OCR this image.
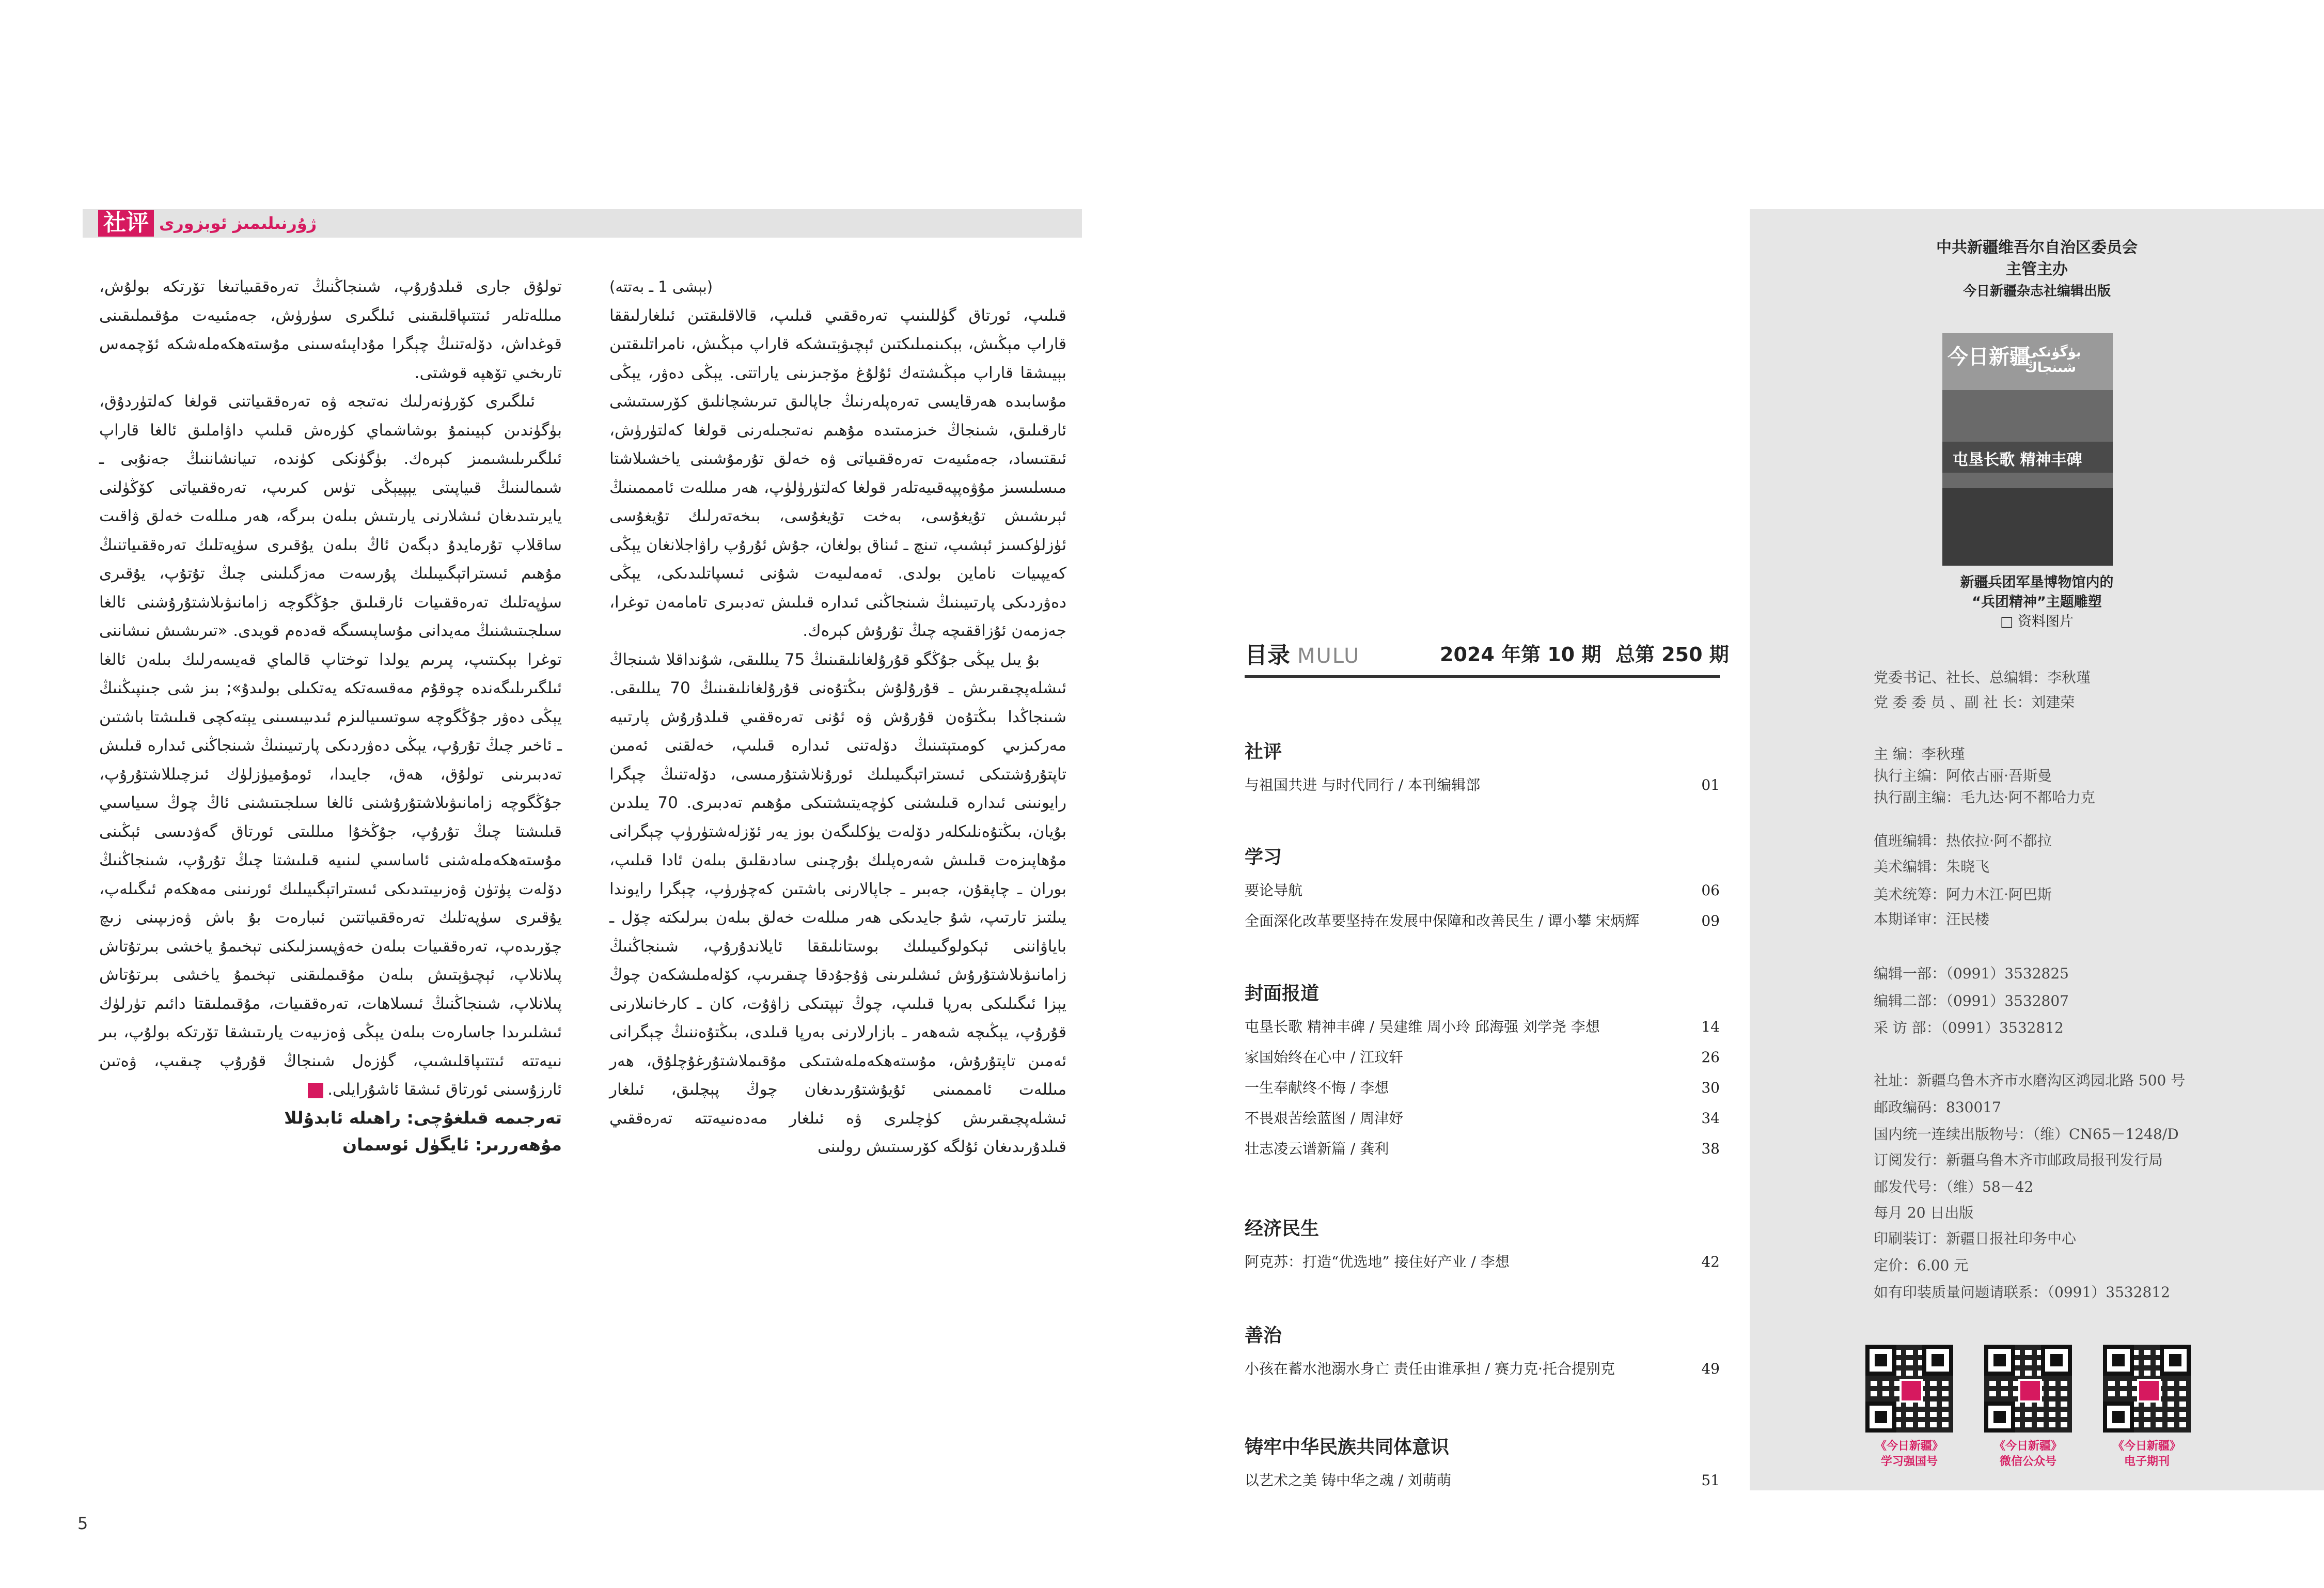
社评 ژۇرنىلىمىز ئوبزورى

(بېشى 1 ـ بەتتە)

قىلىپ، ئورتاق گۈللىنىپ تەرەققىي قىلىپ، قالاقلىقتىن ئىلغارلىققا قاراپ مېڭىش، بېكىنمىلىكتىن ئېچىۋېتىشكە قاراپ مېڭىش، نامراتلىقتىن بېيىشقا قاراپ مېڭىشتەك ئۇلۇغ مۆجىزىنى ياراتتى. يېڭى دەۋر، يېڭى مۇسابىدە ھەرقايسى تەرەپلەرنىڭ جاپالىق تىرىشچانلىق كۆرسىتىشى ئارقىلىق، شىنجاڭ خىزمىتىدە مۇھىم نەتىجىلەرنى قولغا كەلتۈرۈش، ئىقتىساد، جەمئىيەت تەرەققىياتى ۋە خەلق تۇرمۇشىنى ياخشىلاشتا مىسلىسىز مۇۋەپپەقىيەتلەر قولغا كەلتۈرۈلۈپ، ھەر مىللەت ئامممىنىڭ ئېرىشىش تۇيغۇسى، بەخت تۇيغۇسى، بىخەتەرلىك تۇيغۇسى ئۈزلۈكسىز ئېشىپ، تىنچ ـ ئىناق بولغان، جۇش ئۇرۇپ راۋاجلانغان يېڭى كەيپىيات ناماين بولدى. ئەمەلىيەت شۇنى ئىسپاتلىدىكى، يېڭى دەۋردىكى پارتىيىنىڭ شىنجاڭنى ئىدارە قىلىش تەدبىرى تامامەن توغرا، جەزمەن ئۇزاققىچە چىڭ تۇرۇش كېرەك.

بۇ يىل يېڭى جۇڭگو قۇرۇلغانلىقىنىڭ 75 يىللىقى، شۇنداقلا شىنجاڭ ئىشلەپچىقىرىش ـ قۇرۇلۇش بىڭتۇەنى قۇرۇلغانلىقىنىڭ 70 يىللىقى. شىنجاڭدا بىڭتۇەن قۇرۇش ۋە ئۇنى تەرەققىي قىلدۇرۇش پارتىيە مەركىزىي كومىتېتىنىڭ دۆلەتنى ئىدارە قىلىپ، خەلقنى ئەمىن تاپتۇرۇشتىكى ئىستراتېگىيىلىك ئورۇنلاشتۇرمىسى، دۆلەتنىڭ چېگرا رايونىنى ئىدارە قىلىشنى كۈچەيتىشتىكى مۇھىم تەدبىرى. 70 يىلدىن بۇيان، بىڭتۇەنلىكلەر دۆلەت يۈكلىگەن بوز يەر ئۆزلەشتۈرۈپ چېگرانى مۇھاپىزەت قىلىش شەرەپلىك بۇرچىنى سادىقلىق بىلەن ئادا قىلىپ، بوران ـ چاپقۇن، جەبىر ـ جاپالارنى باشتىن كەچۈرۈپ، چېگرا رايوندا يىلتىز تارتىپ، شۇ جايدىكى ھەر مىللەت خەلق بىلەن بىرلىكتە چۆل ـ باياۋاننى ئېكولوگىيىلىك بوستانلىققا ئايلاندۇرۇپ، شىنجاڭنىڭ زامانىۋىلاشتۇرۇش ئىشلىرىنى ۋۇجۇدقا چىقىرىپ، كۆلەملىشكەن چوڭ يېزا ئىگىلىكى بەرپا قىلىپ، چوڭ تېپتىكى زاۋۇت، كان ـ كارخانىلارنى قۇرۇپ، يېڭىچە شەھەر ـ بازارلارنى بەرپا قىلدى، بىڭتۇەننىڭ چېگرانى ئەمىن تاپتۇرۇش، مۇستەھكەملەشتىكى مۇقىملاشتۇرغۇچلۇق، ھەر مىللەت ئامممىنى ئۇيۇشتۇرىدىغان چوڭ پېچلىق، ئىلغار ئىشلەپچىقىرىش كۈچلىرى ۋە ئىلغار مەدەنىيەتتە تەرەققىي قىلدۇرىدىغان ئۇلگە كۆرسىتىش رولىنى

تولۇق جارى قىلدۇرۇپ، شىنجاڭنىڭ تەرەققىياتىغا تۆرتكە بولۇش، مىللەتلەر ئىتتىپاقلىقىنى ئىلگىرى سۈرۈش، جەمئىيەت مۇقىملىقىنى قوغداش، دۆلەتنىڭ چېگرا مۇداپىئەسىنى مۇستەھكەملەشكە ئۆچمەس تارىخىي تۆھپە قوشتى.

ئىلگىرى كۆرۈنەرلىك نەتىجە ۋە تەرەققىياتنى قولغا كەلتۈردۇق، بۈگۈندىن كېيىنمۇ بوشاشماي كۈرەش قىلىپ داۋاملىق ئالغا قاراپ ئىلگىرىلىشىمىز كېرەك. بۈگۈنكى كۈندە، تىيانشاننىڭ جەنۇبى ـ شىمالىنىڭ قىياپىتى يېپيېڭى تۈس كىرىپ، تەرەققىياتى كۆڭۈلنى يايرىتىدىغان ئىشلارنى يارىتىش بىلەن بىرگە، ھەر مىللەت خەلق ۋاقىت ساقلاپ تۇرمايدۇ دېگەن ئاڭ بىلەن يۇقىرى سۈپەتلىك تەرەققىياتنىڭ مۇھىم ئىستراتېگىيىلىك پۇرسەت مەزگىلىنى چىڭ تۇتۇپ، يۇقىرى سۈپەتلىك تەرەققىيات ئارقىلىق جۇڭگوچە زامانىۋىلاشتۇرۇشنى ئالغا سىلجىتىشنىڭ مەيدانى مۇساپىسىگە قەدەم قويدى. «تىرىشىش نىشاننى توغرا بېكىتىپ، پىرىم يولدا توختاپ قالماي قەيسەرلىك بىلەن ئالغا ئىلگىرىلىگەندە چوقۇم مەقسەتكە يەتكىلى بولىدۇ»; بىز شى جىنپىڭنىڭ يېڭى دەۋر جۇڭگوچە سوتسىيالىزم ئىدىيىسىنى يېتەكچى قىلىشتا باشتىن ـ ئاخىر چىڭ تۇرۇپ، يېڭى دەۋردىكى پارتىيىنىڭ شىنجاڭنى ئىدارە قىلىش تەدبىرىنى تولۇق، ھەق، جايىدا، ئومۇميۈزلۈك ئىزچىللاشتۇرۇپ، جۇڭگوچە زامانىۋىلاشتۇرۇشنى ئالغا سىلجىتىشنى ئاڭ چوڭ سىياسىي قىلىشتا چىڭ تۇرۇپ، جۇڭخۇا مىللىتى ئورتاق گەۋدىسى ئېڭىنى مۇستەھكەملەشنى ئاساسىي لىنىيە قىلىشتا چىڭ تۇرۇپ، شىنجاڭنىڭ دۆلەت پۈتۈن ۋەزىيىتىدىكى ئىستراتېگىيىلىك ئورنىنى مەھكەم ئىگىلەپ، يۇقىرى سۈپەتلىك تەرەققىياتتىن ئىبارەت بۇ باش ۋەزىپىنى زىچ چۆرىدەپ، تەرەققىيات بىلەن خەۋپسىزلىكنى تېخىمۇ ياخشى بىرتۇتاش پىلانلاپ، ئېچىۋېتىش بىلەن مۇقىملىقنى تېخىمۇ ياخشى بىرتۇتاش پىلانلاپ، شىنجاڭنىڭ ئىسلاھات، تەرەققىيات، مۇقىملىقتا دائىم تۈرلۈك ئىشلىرىدا جاسارەت بىلەن يېڭى ۋەزىيەت يارىتىشقا تۆرتكە بولۇپ، بىر نىيەتتە ئىتتىپاقلىشىپ، گۈزەل شىنجاڭ قۇرۇپ چىقىپ، ۋەتىن ئارزۇسىنى ئورتاق ئىشقا ئاشۇرايلى.◢

تەرجىمە قىلغۇچى: راھىلە ئابدۇللا
مۇھەررىر: ئايگۈل ئوسمان
5
目录 MULU	2024 年第 10 期 总第 250 期
社评
与祖国共进 与时代同行 / 本刊编辑部	01
学习
要论导航	06
全面深化改革要坚持在发展中保障和改善民生 / 谭小攀 宋炳辉	09
封面报道
屯垦长歌 精神丰碑 / 吴建维 周小玲 邱海强 刘学尧 李想	14
家国始终在心中 / 江玟轩	26
一生奉献终不悔 / 李想	30
不畏艰苦绘蓝图 / 周津妤	34
壮志凌云谱新篇 / 龚利	38
经济民生
阿克苏：打造“优选地” 接住好产业 / 李想	42
善治
小孩在蓄水池溺水身亡 责任由谁承担 / 赛力克·托合提别克	49
铸牢中华民族共同体意识
以艺术之美 铸中华之魂 / 刘萌萌	51
中共新疆维吾尔自治区委员会
主管主办
今日新疆杂志社编辑出版
今日新疆
بۈگۈنكى شىنجاڭ
屯垦长歌 精神丰碑
新疆兵团军垦博物馆内的
“兵团精神”主题雕塑
□ 资料图片
党委书记、社长、总编辑：李秋瑾
党 委 委 员 、副 社 长：刘建荣
主 编：李秋瑾
执行主编：阿依古丽·吾斯曼
执行副主编：毛九达·阿不都哈力克
值班编辑：热依拉·阿不都拉
美术编辑：朱晓飞
美术统筹：阿力木江·阿巴斯
本期译审：汪民楼
编辑一部：（0991）3532825
编辑二部：（0991）3532807
采 访 部：（0991）3532812
社址：新疆乌鲁木齐市水磨沟区鸿园北路 500 号
邮政编码：830017
国内统一连续出版物号：（维）CN65－1248/D
订阅发行：新疆乌鲁木齐市邮政局报刊发行局
邮发代号：（维）58－42
每月 20 日出版
印刷装订：新疆日报社印务中心
定价：6.00 元
如有印装质量问题请联系：（0991）3532812
《今日新疆》
学习强国号
《今日新疆》
微信公众号
《今日新疆》
电子期刊
